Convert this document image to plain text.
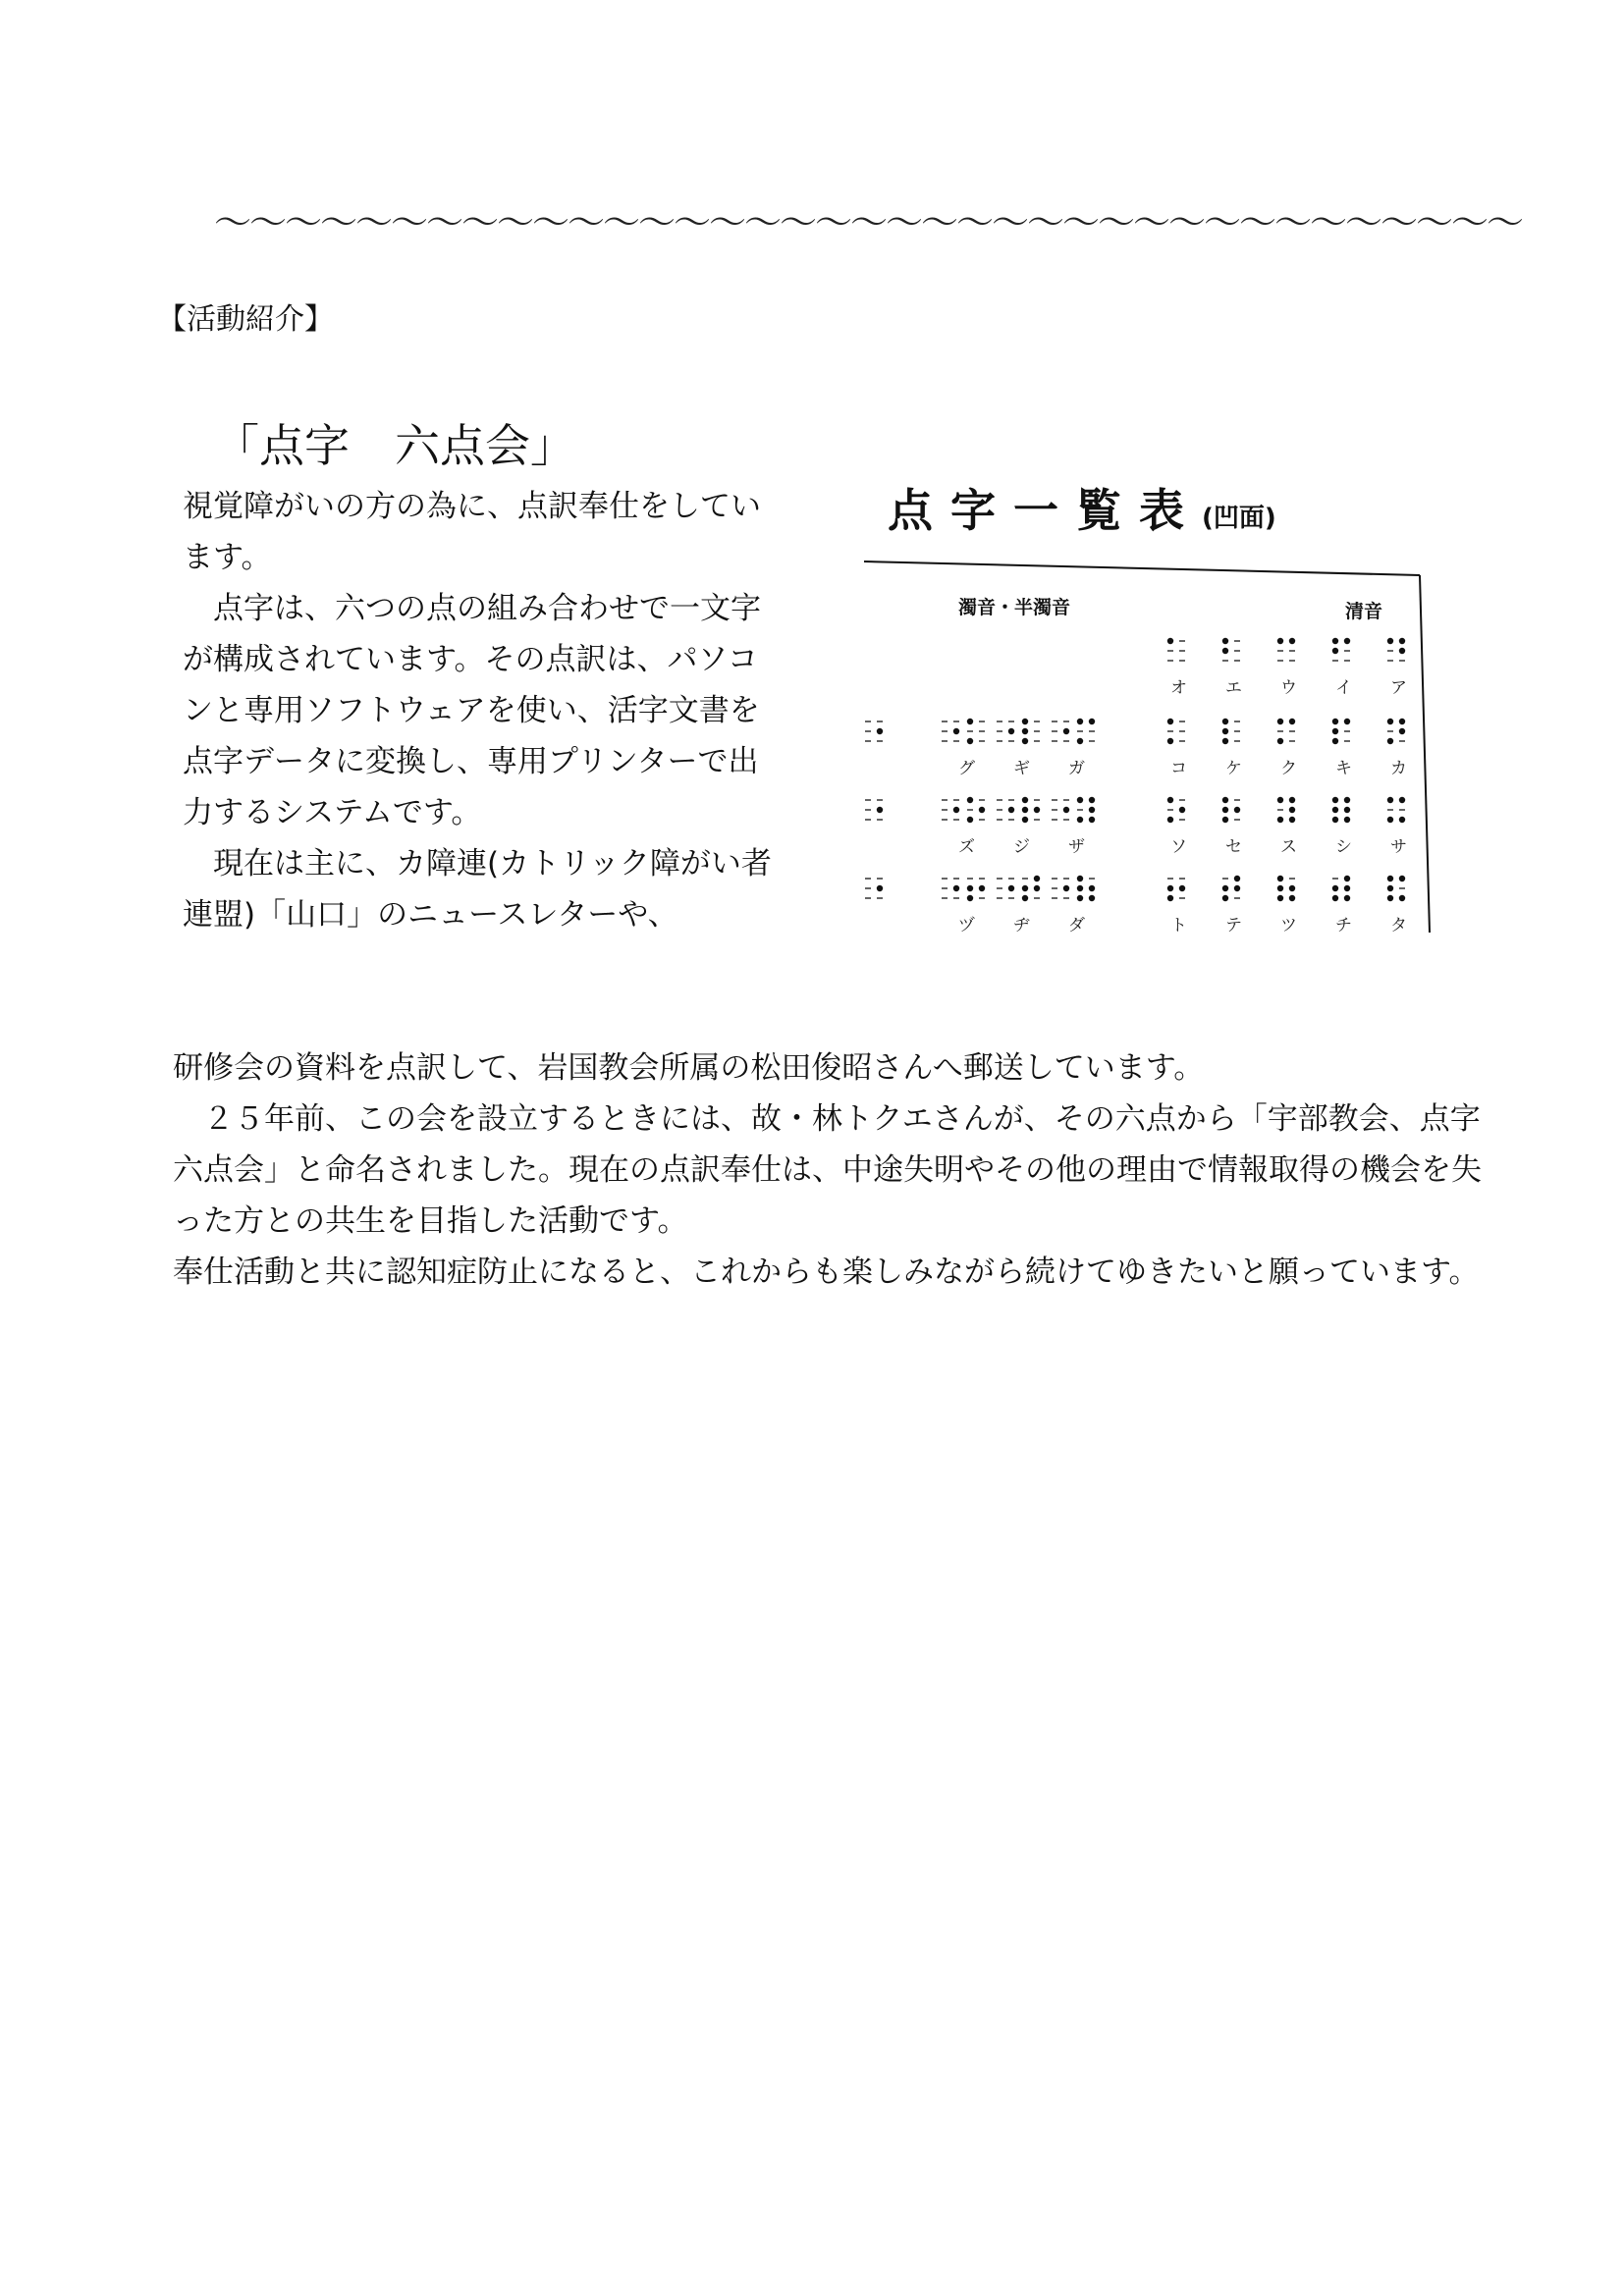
〜〜〜〜〜〜〜〜〜〜〜〜〜〜〜〜〜〜〜〜〜〜〜〜〜〜〜〜〜〜〜〜〜〜〜〜〜
【活動紹介】
「点字　六点会」

視覚障がいの方の為に、点訳奉仕をしています。

　点字は、六つの点の組み合わせで一文字が構成されています。その点訳は、パソコンと専用ソフトウェアを使い、活字文書を点字データに変換し、専用プリンターで出力するシステムです。

　現在は主に、カ障連(カトリック障がい者連盟)「山口」のニュースレターや、

研修会の資料を点訳して、岩国教会所属の松田俊昭さんへ郵送しています。

　２５年前、この会を設立するときには、故・林トクエさんが、その六点から「宇部教会、点字　六点会」と命名されました。現在の点訳奉仕は、中途失明やその他の理由で情報取得の機会を失った方との共生を目指した活動です。

奉仕活動と共に認知症防止になると、これからも楽しみながら続けてゆきたいと願っています。

点字一覧表(凹面)
濁音・半濁音	清音
オ エ ウ イ ア
コ ケ ク キ カ
ソ セ ス シ サ
ト テ ツ チ タ
グ ギ ガ
ズ ジ ザ
ヅ ヂ ダ
